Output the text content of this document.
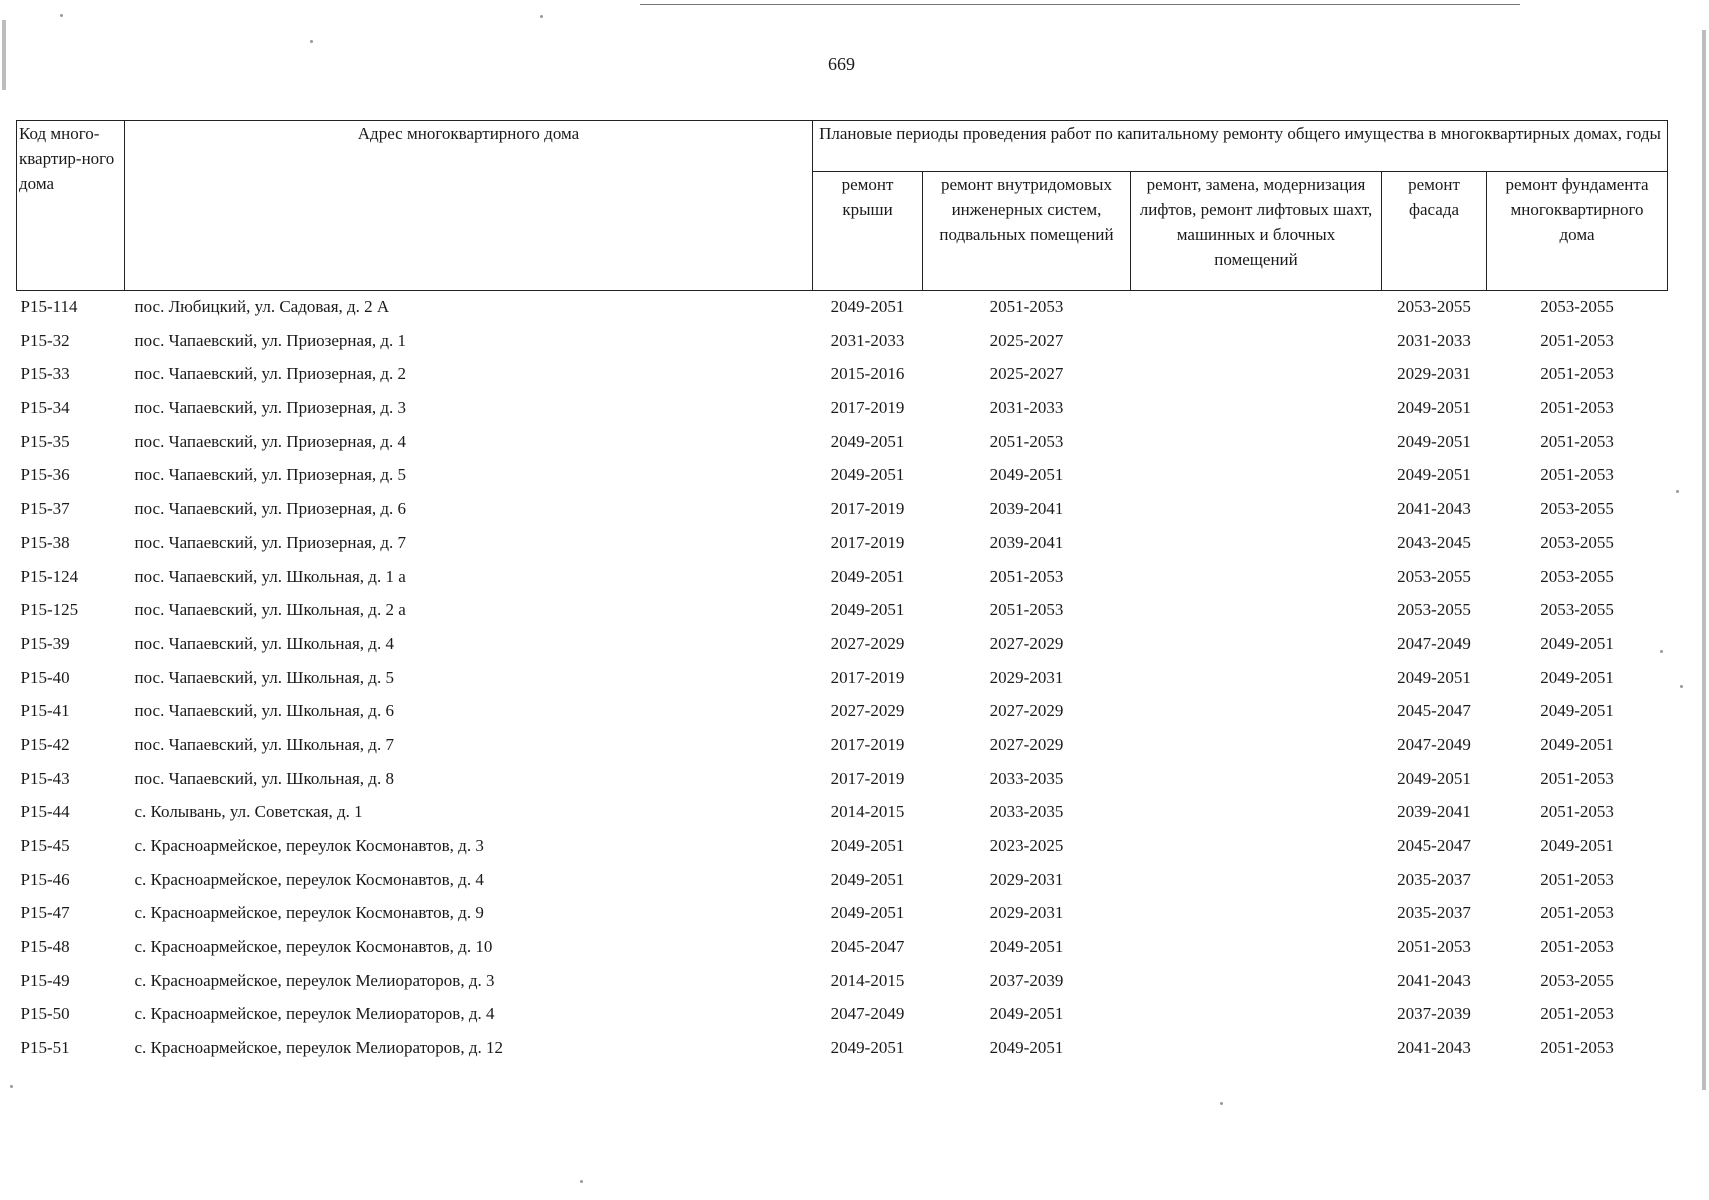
669
Код много-квартир-ного дома	Адрес многоквартирного дома	Плановые периоды проведения работ по капитальному ремонту общего имущества в многоквартирных домах, годы				
		ремонт крыши	ремонт внутридомовых инженерных систем, подвальных помещений	ремонт, замена, модернизация лифтов, ремонт лифтовых шахт, машинных и блочных помещений	ремонт фасада	ремонт фундамента многоквартирного дома
Р15-114	пос. Любицкий, ул. Садовая, д. 2 А	2049-2051	2051-2053		2053-2055	2053-2055
Р15-32	пос. Чапаевский, ул. Приозерная, д. 1	2031-2033	2025-2027		2031-2033	2051-2053
Р15-33	пос. Чапаевский, ул. Приозерная, д. 2	2015-2016	2025-2027		2029-2031	2051-2053
Р15-34	пос. Чапаевский, ул. Приозерная, д. 3	2017-2019	2031-2033		2049-2051	2051-2053
Р15-35	пос. Чапаевский, ул. Приозерная, д. 4	2049-2051	2051-2053		2049-2051	2051-2053
Р15-36	пос. Чапаевский, ул. Приозерная, д. 5	2049-2051	2049-2051		2049-2051	2051-2053
Р15-37	пос. Чапаевский, ул. Приозерная, д. 6	2017-2019	2039-2041		2041-2043	2053-2055
Р15-38	пос. Чапаевский, ул. Приозерная, д. 7	2017-2019	2039-2041		2043-2045	2053-2055
Р15-124	пос. Чапаевский, ул. Школьная, д. 1 а	2049-2051	2051-2053		2053-2055	2053-2055
Р15-125	пос. Чапаевский, ул. Школьная, д. 2 а	2049-2051	2051-2053		2053-2055	2053-2055
Р15-39	пос. Чапаевский, ул. Школьная, д. 4	2027-2029	2027-2029		2047-2049	2049-2051
Р15-40	пос. Чапаевский, ул. Школьная, д. 5	2017-2019	2029-2031		2049-2051	2049-2051
Р15-41	пос. Чапаевский, ул. Школьная, д. 6	2027-2029	2027-2029		2045-2047	2049-2051
Р15-42	пос. Чапаевский, ул. Школьная, д. 7	2017-2019	2027-2029		2047-2049	2049-2051
Р15-43	пос. Чапаевский, ул. Школьная, д. 8	2017-2019	2033-2035		2049-2051	2051-2053
Р15-44	с. Колывань, ул. Советская, д. 1	2014-2015	2033-2035		2039-2041	2051-2053
Р15-45	с. Красноармейское, переулок Космонавтов, д. 3	2049-2051	2023-2025		2045-2047	2049-2051
Р15-46	с. Красноармейское, переулок Космонавтов, д. 4	2049-2051	2029-2031		2035-2037	2051-2053
Р15-47	с. Красноармейское, переулок Космонавтов, д. 9	2049-2051	2029-2031		2035-2037	2051-2053
Р15-48	с. Красноармейское, переулок Космонавтов, д. 10	2045-2047	2049-2051		2051-2053	2051-2053
Р15-49	с. Красноармейское, переулок Мелиораторов, д. 3	2014-2015	2037-2039		2041-2043	2053-2055
Р15-50	с. Красноармейское, переулок Мелиораторов, д. 4	2047-2049	2049-2051		2037-2039	2051-2053
Р15-51	с. Красноармейское, переулок Мелиораторов, д. 12	2049-2051	2049-2051		2041-2043	2051-2053
